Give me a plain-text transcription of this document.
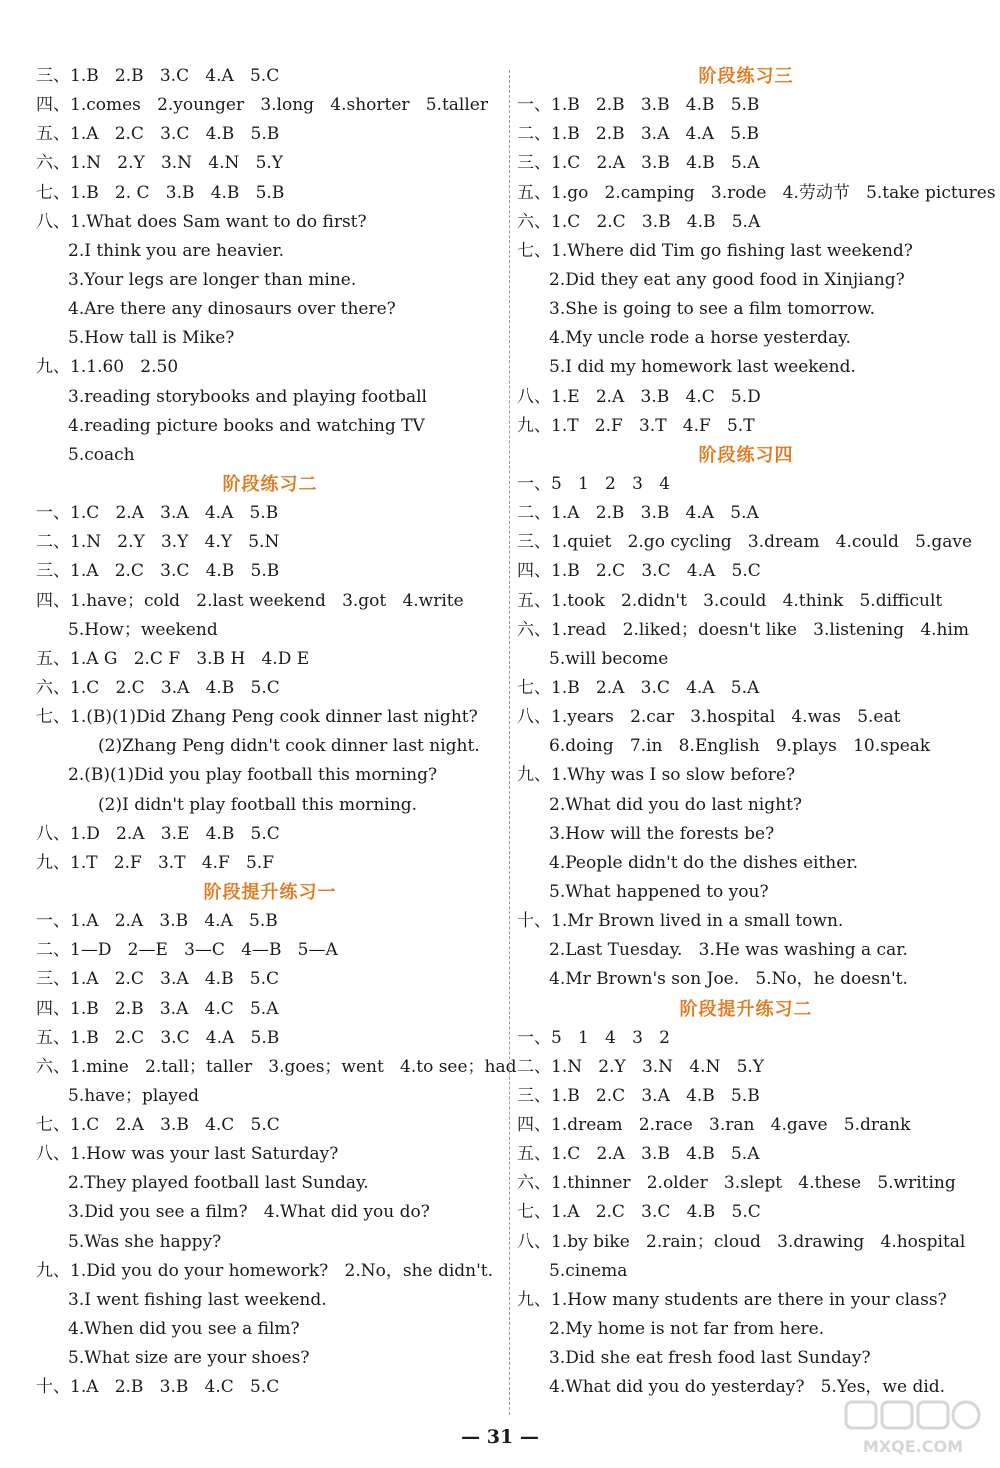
三、1.B   2.B   3.C   4.A   5.C
四、1.comes   2.younger   3.long   4.shorter   5.taller
五、1.A   2.C   3.C   4.B   5.B
六、1.N   2.Y   3.N   4.N   5.Y
七、1.B   2. C   3.B   4.B   5.B
八、1.What does Sam want to do first?
2.I think you are heavier.
3.Your legs are longer than mine.
4.Are there any dinosaurs over there?
5.How tall is Mike?
九、1.1.60   2.50
3.reading storybooks and playing football
4.reading picture books and watching TV
5.coach
阶段练习二
一、1.C   2.A   3.A   4.A   5.B
二、1.N   2.Y   3.Y   4.Y   5.N
三、1.A   2.C   3.C   4.B   5.B
四、1.have；cold   2.last weekend   3.got   4.write
5.How；weekend
五、1.A G   2.C F   3.B H   4.D E
六、1.C   2.C   3.A   4.B   5.C
七、1.(B)(1)Did Zhang Peng cook dinner last night?
(2)Zhang Peng didn't cook dinner last night.
2.(B)(1)Did you play football this morning?
(2)I didn't play football this morning.
八、1.D   2.A   3.E   4.B   5.C
九、1.T   2.F   3.T   4.F   5.F
阶段提升练习一
一、1.A   2.A   3.B   4.A   5.B
二、1—D   2—E   3—C   4—B   5—A
三、1.A   2.C   3.A   4.B   5.C
四、1.B   2.B   3.A   4.C   5.A
五、1.B   2.C   3.C   4.A   5.B
六、1.mine   2.tall；taller   3.goes；went   4.to see；had
5.have；played
七、1.C   2.A   3.B   4.C   5.C
八、1.How was your last Saturday?
2.They played football last Sunday.
3.Did you see a film?   4.What did you do?
5.Was she happy?
九、1.Did you do your homework?   2.No，she didn't.
3.I went fishing last weekend.
4.When did you see a film?
5.What size are your shoes?
十、1.A   2.B   3.B   4.C   5.C
阶段练习三
一、1.B   2.B   3.B   4.B   5.B
二、1.B   2.B   3.A   4.A   5.B
三、1.C   2.A   3.B   4.B   5.A
五、1.go   2.camping   3.rode   4.劳动节   5.take pictures
六、1.C   2.C   3.B   4.B   5.A
七、1.Where did Tim go fishing last weekend?
2.Did they eat any good food in Xinjiang?
3.She is going to see a film tomorrow.
4.My uncle rode a horse yesterday.
5.I did my homework last weekend.
八、1.E   2.A   3.B   4.C   5.D
九、1.T   2.F   3.T   4.F   5.T
阶段练习四
一、5   1   2   3   4
二、1.A   2.B   3.B   4.A   5.A
三、1.quiet   2.go cycling   3.dream   4.could   5.gave
四、1.B   2.C   3.C   4.A   5.C
五、1.took   2.didn't   3.could   4.think   5.difficult
六、1.read   2.liked；doesn't like   3.listening   4.him
5.will become
七、1.B   2.A   3.C   4.A   5.A
八、1.years   2.car   3.hospital   4.was   5.eat
6.doing   7.in   8.English   9.plays   10.speak
九、1.Why was I so slow before?
2.What did you do last night?
3.How will the forests be?
4.People didn't do the dishes either.
5.What happened to you?
十、1.Mr Brown lived in a small town.
2.Last Tuesday.   3.He was washing a car.
4.Mr Brown's son Joe.   5.No，he doesn't.
阶段提升练习二
一、5   1   4   3   2
二、1.N   2.Y   3.N   4.N   5.Y
三、1.B   2.C   3.A   4.B   5.B
四、1.dream   2.race   3.ran   4.gave   5.drank
五、1.C   2.A   3.B   4.B   5.A
六、1.thinner   2.older   3.slept   4.these   5.writing
七、1.A   2.C   3.C   4.B   5.C
八、1.by bike   2.rain；cloud   3.drawing   4.hospital
5.cinema
九、1.How many students are there in your class?
2.My home is not far from here.
3.Did she eat fresh food last Sunday?
4.What did you do yesterday?   5.Yes，we did.
— 31 —	MXQE.COM
